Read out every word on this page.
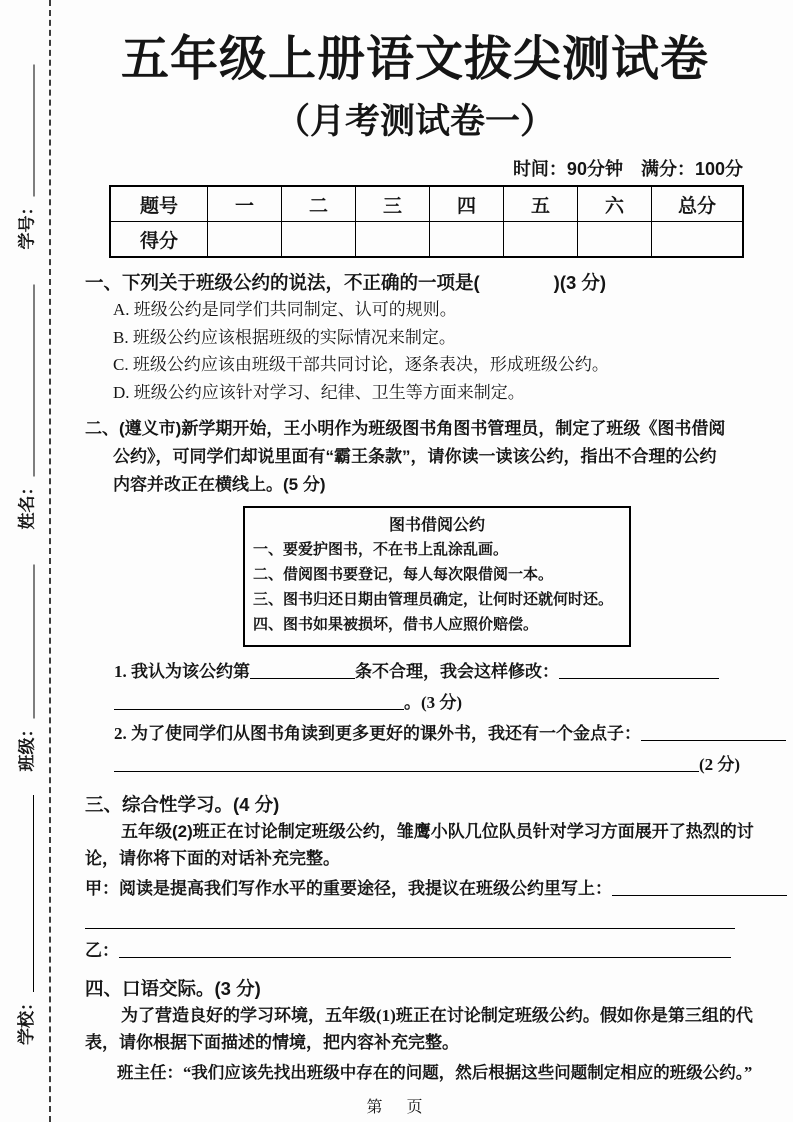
学号：
姓名：
班级：
学校：
五年级上册语文拔尖测试卷
（月考测试卷一）
时间：90分钟　满分：100分
题号	一	二	三	四	五	六	总分
得分							
一、下列关于班级公约的说法，不正确的一项是(　　　　)(3 分)
A. 班级公约是同学们共同制定、认可的规则。
B. 班级公约应该根据班级的实际情况来制定。
C. 班级公约应该由班级干部共同讨论，逐条表决，形成班级公约。
D. 班级公约应该针对学习、纪律、卫生等方面来制定。
二、(遵义市)新学期开始，王小明作为班级图书角图书管理员，制定了班级《图书借阅
公约》，可同学们却说里面有“霸王条款”，请你读一读该公约，指出不合理的公约
内容并改正在横线上。(5 分)
图书借阅公约
一、要爱护图书，不在书上乱涂乱画。
二、借阅图书要登记，每人每次限借阅一本。
三、图书归还日期由管理员确定，让何时还就何时还。
四、图书如果被损坏，借书人应照价赔偿。
1. 我认为该公约第	条不合理，我会这样修改：
。(3 分)
2. 为了使同学们从图书角读到更多更好的课外书，我还有一个金点子：
(2 分)
三、综合性学习。(4 分)
五年级(2)班正在讨论制定班级公约，雏鹰小队几位队员针对学习方面展开了热烈的讨
论，请你将下面的对话补充完整。
甲：阅读是提高我们写作水平的重要途径，我提议在班级公约里写上：
乙：
四、口语交际。(3 分)
为了营造良好的学习环境，五年级(1)班正在讨论制定班级公约。假如你是第三组的代
表，请你根据下面描述的情境，把内容补充完整。
班主任：“我们应该先找出班级中存在的问题，然后根据这些问题制定相应的班级公约。”
第　页
